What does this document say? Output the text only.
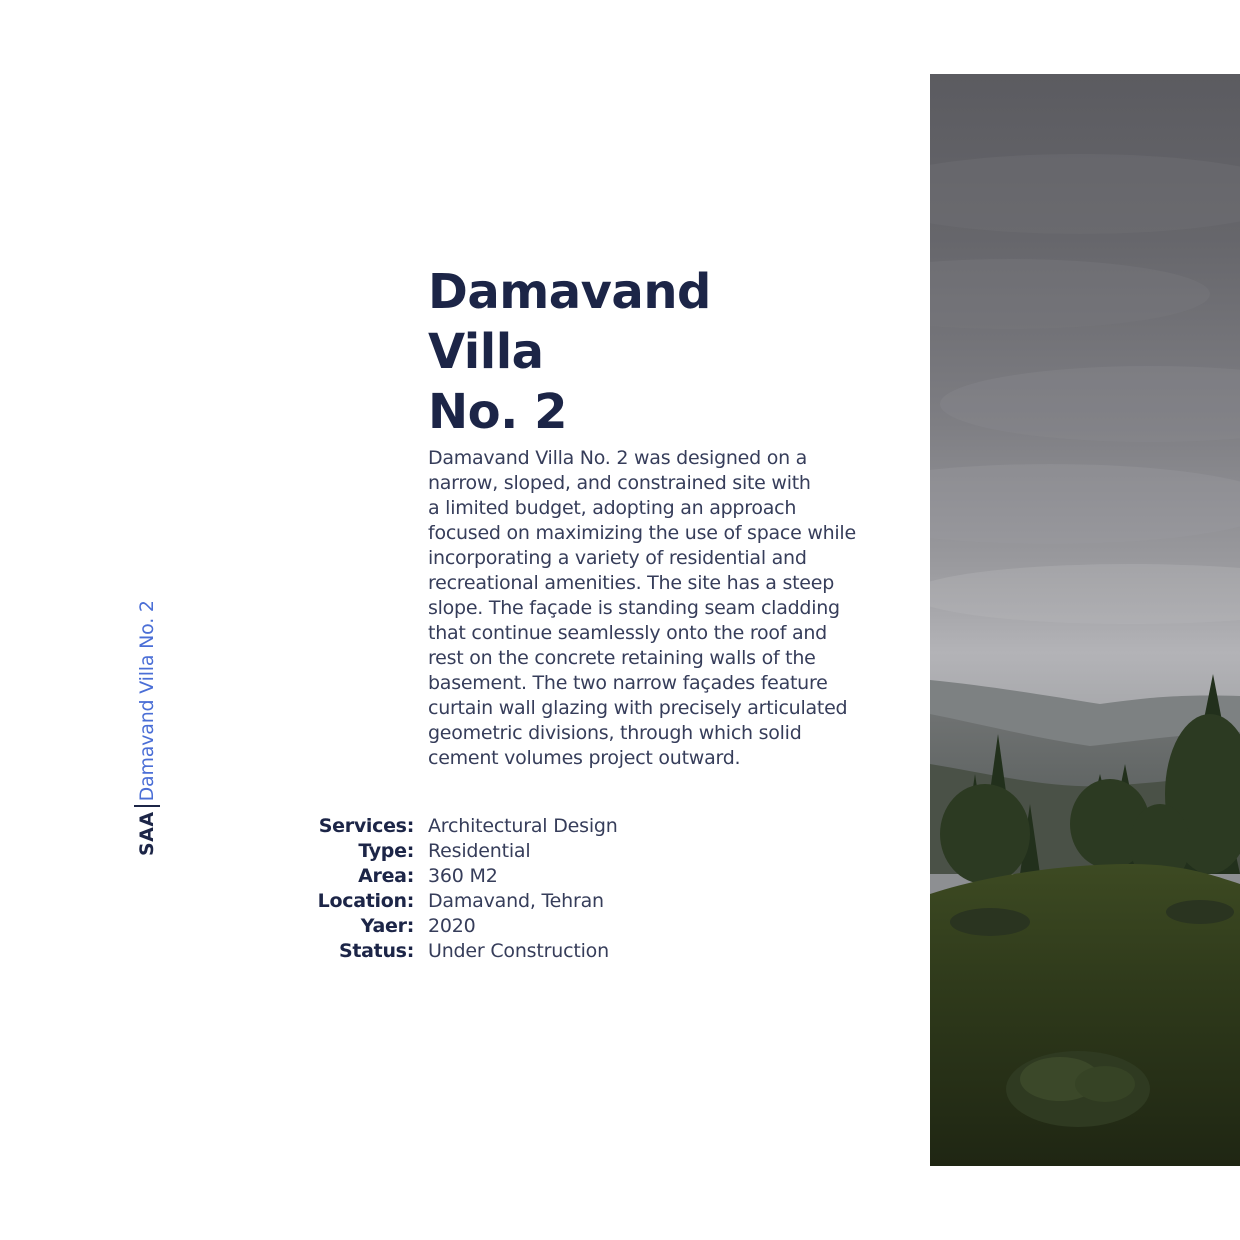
SAA
Damavand Villa No. 2
Damavand
Villa
No. 2

Damavand Villa No. 2 was designed on a
narrow, sloped, and constrained site with
a limited budget, adopting an approach
focused on maximizing the use of space while
incorporating a variety of residential and
recreational amenities. The site has a steep
slope. The façade is standing seam cladding
that continue seamlessly onto the roof and
rest on the concrete retaining walls of the
basement. The two narrow façades feature
curtain wall glazing with precisely articulated
geometric divisions, through which solid
cement volumes project outward.

Services: Architectural Design
Type: Residential
Area: 360 M2
Location: Damavand, Tehran
Yaer: 2020
Status: Under Construction
